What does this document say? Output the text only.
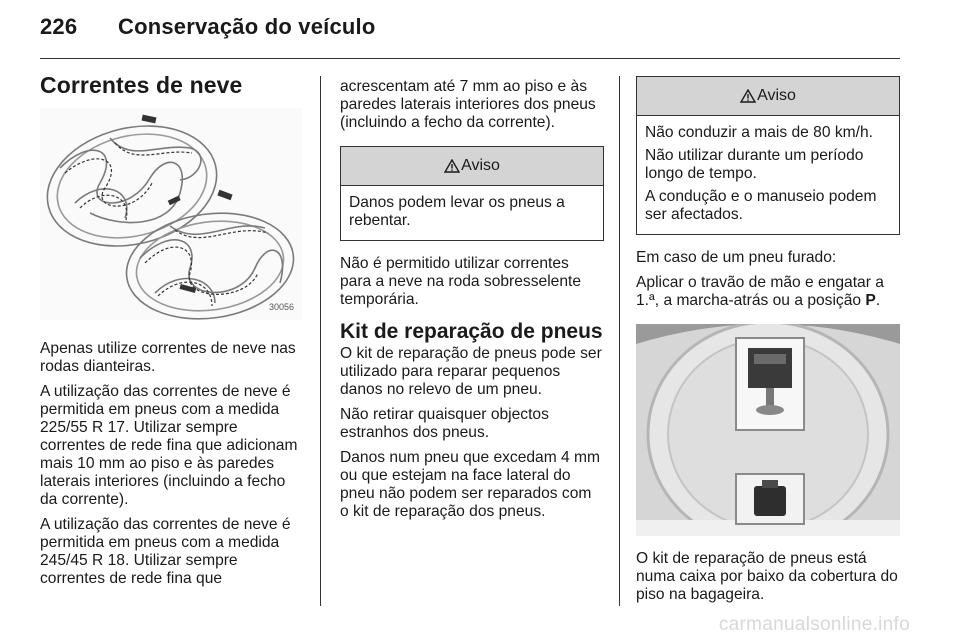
226 Conservação do veículo
Correntes de neve
30056

Apenas utilize correntes de neve nas rodas dianteiras.

A utilização das correntes de neve é permitida em pneus com a medida 225/55 R 17. Utilizar sempre correntes de rede fina que adicionam mais 10 mm ao piso e às paredes laterais interiores (incluindo a fecho da corrente).

A utilização das correntes de neve é permitida em pneus com a medida 245/45 R 18. Utilizar sempre correntes de rede fina que

acrescentam até 7 mm ao piso e às paredes laterais interiores dos pneus (incluindo a fecho da corrente).

Aviso

Danos podem levar os pneus a rebentar.

Não é permitido utilizar correntes para a neve na roda sobresselente temporária.

Kit de reparação de pneus

O kit de reparação de pneus pode ser utilizado para reparar pequenos danos no relevo de um pneu.

Não retirar quaisquer objectos estranhos dos pneus.

Danos num pneu que excedam 4 mm ou que estejam na face lateral do pneu não podem ser reparados com o kit de reparação dos pneus.

Aviso

Não conduzir a mais de 80 km/h.

Não utilizar durante um período longo de tempo.

A condução e o manuseio podem ser afectados.

Em caso de um pneu furado:

Aplicar o travão de mão e engatar a 1.ª, a marcha-atrás ou a posição P.

O kit de reparação de pneus está numa caixa por baixo da cobertura do piso na bagageira.

carmanualsonline.info
